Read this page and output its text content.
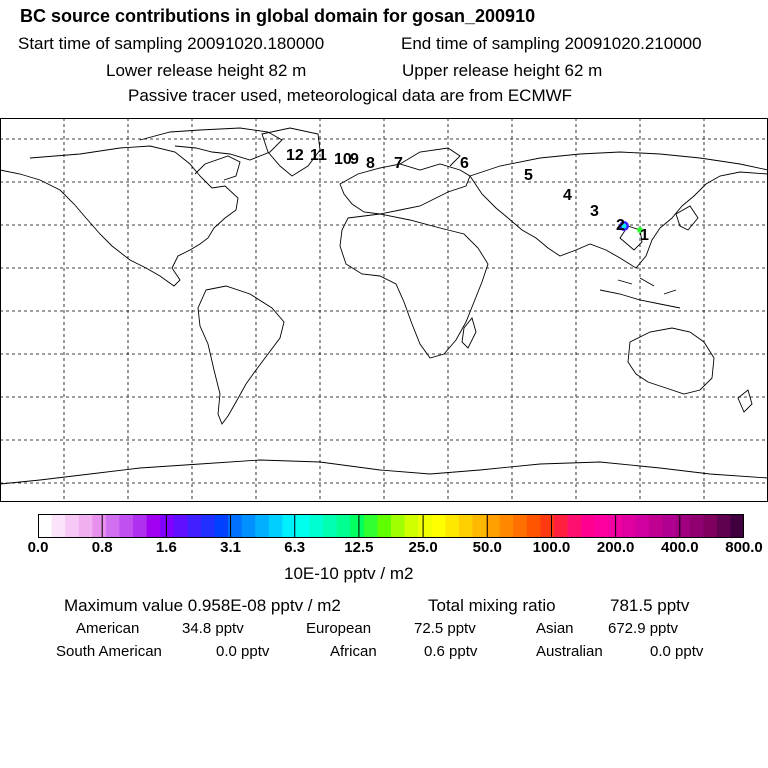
BC source contributions in global domain for gosan_200910
Start time of sampling 20091020.180000	End time of sampling 20091020.210000
Lower release height 82 m	Upper release height 62 m
Passive tracer used, meteorological data are from ECMWF
12 11 10
9 8 7	6
5
4
3
2
1
0.0	0.8	1.6	3.1	6.3	12.5 25.0 50.0 100.0 200.0 400.0 800.0
10E-10 pptv / m2
Maximum value 0.958E-08 pptv / m2	Total mixing ratio	781.5 pptv
American	34.8 pptv	European	72.5 pptv	Asian 672.9 pptv
South American	0.0 pptv	African	0.6 pptv	Australian	0.0 pptv
